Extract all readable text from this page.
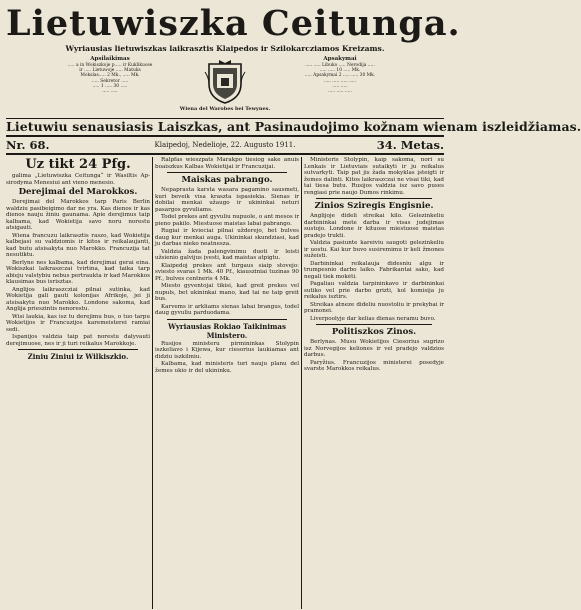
Lietuwiszka Ceitunga.
Wyriausias lietuwiszkas laikrasztis Klaipedos ir Szilokarcziamos Kreizams.
Apsilaikimas
..... a in Wokiszkoje p..... ir Kuklikuose
ir ..... Lietuwoje ..... Matuks
Mokslas..... 2 Mk., ..... Mk.
..... Sekretor .....
..... 1 ..... 30 .....
..... .....
Wiena del Warobes bei Tewynes.
Apsakymai
..... ..... Libuko ..... Nerodija .....
..... ..... 10 ..... Mk.
..... Apsakymai 2 ..... ..... 30 Mk.
..... ..... ..... .....
..... .....
..... ..... .....
Lietuwiu senausiasis Laiszkas, ant Pasinaudojimo kožnam wienam iszleidžiamas.
Nr. 68.	Klaipedoj, Nedelioje, 22. Augusto 1911.	34. Metas.
Uz tikt 24 Pfg.

galima „Lietuwiszka Ceitunga“ ir Wasiltis Ap-sirodyma Menesiui ant vieno menesio.

Derejimai del Marokkos.

Derejimai del Marokkos tarp Paris Berlin waldziu pasibeigimo dar ne yra. Kas dienos ir kas dienos nauju žiniu gaunama. Apie derejimus taip kalbama, kad Wokietija savo noru norestu atsigauti.

Wiena francuzu laikrasztis raszo, kad Wokietija kalbejasi su valdziomis ir kitos ir reikalaujanti, kad butu atsisakyta nuo Marokko. Francuzija tat nesutiktu.

Berlyne nes kalbama, kad derejimai gerai eina. Wokiszkai laikraszczai tvirtina, kad taika tarp abieju valstybiu nebus pertraukta ir kad Marokkos klausimas bus isrisztas.

Anglijos laikraszcziai pilnai sutinka, kad Wokietija gali gauti kolonijas Afrikoje, jei ji atsisakytu nuo Marokko. Londone sakoma, kad Anglija prieszintis nenorestu.

Wisi laukia, kas isz tu derejimu bus, o tuo tarpu Wokietijos ir Francuzijos karemeisterei ramiai sedi.

Ispanijos valdzia taip pat norestu dalyvauti derejimuose, nes ir ji turi reikalus Marokkoje.

Ziniu Ziniui iz Wilkiszkio.

Ralpfas wieszpats Marakpo tiesiog sake anuis boaiszkus Kalbas Wokietijai ir Francuzijai.

Maiskas pabrango.

Nepaprasta karsta wasara pagamino sausmeti, kuri beveik visa kraszta ispasiekia. Sienas ir dobilai menkai užaugo ir ukininkai neturi pasargos gyvuliams.

Todel prekes ant gyvuliu nupuole, o ant mesos ir pieno pakilo. Miestuose maistas labai pabrango.

Rugiai ir kvieciai pilnai užderejo, bet bulves daug kur menkai auga. Ukininkai skundziasi, kad ju darbas nieko neatnesza.

Valdzia žada palengvinimu duoti ir leisti užsienio galvijus įvesti, kad maistas atpigtu.

Klaipedoj prekes ant turgaus siaip stovejo: sviesto svaras 1 Mk. 40 Pf., kiausziniai tuzinas 90 Pf., bulves centneris 4 Mk.

Miesto gyventojai tikisi, kad greit prekes vel nupuls, bet ukininkai mano, kad tai ne taip greit bus.

Karvems ir arkliams sienas labai brangus, todel daug gyvuliu parduodama.

Wyriausias Rokiao Taikinimas Ministero.

Rusijos ministeru pirmininkas Stolypin iszkeliavo i Kijewa, kur ciesorius laukiamas ant didziu iszkilmiu.

Kalbama, kad ministeris turi nauju planu del žemes ukio ir del ukininku.

Ministeris Stolypin, kaip sakoma, nori su Lenkais ir Lietuviais sutaikyti ir ju reikalus sutvarkyti. Taip pat jis žada mokyklas įsteigti ir žemes dalinti. Kitos laikraszczai ne visai tiki, kad tai tiesa butu. Rusijos valdzia isz savo puses rengiasi prie naujo Dumos rinkimu.

Zinios Sziregis Engisnie.

Anglijoje dideli streikai kilo. Gelezinkeliu darbininkai mete darba ir visas judejimas sustojo. Londone ir kituose miestuose maistas pradejo trukti.

Valdzia pasiunte kareiviu saugoti gelezinkeliu ir uostu. Kai kur buvo susiremimu ir keli žmones sužeisti.

Darbininkai reikalauja didesniu algu ir trumpesnio darbo laiko. Fabrikantai sako, kad negali tiek mokėti.

Pagaliau valdzia tarpininkavo ir darbininkai sutiko vel prie darbo grizti, kol komisija ju reikalus isztirs.

Streikas atneze dideliu nuostoliu ir prekybai ir pramonei.

Liverpoolyje dar kelias dienas neramu buvo.

Politiszkos Zinos.

Berlynas. Musu Wokietijos Ciesorius sugrizo isz Norvegijos keliones ir vel pradejo valdzios darbus.

Paryžius. Francuzijos ministerei posedyje svarste Marokkos reikalus.
